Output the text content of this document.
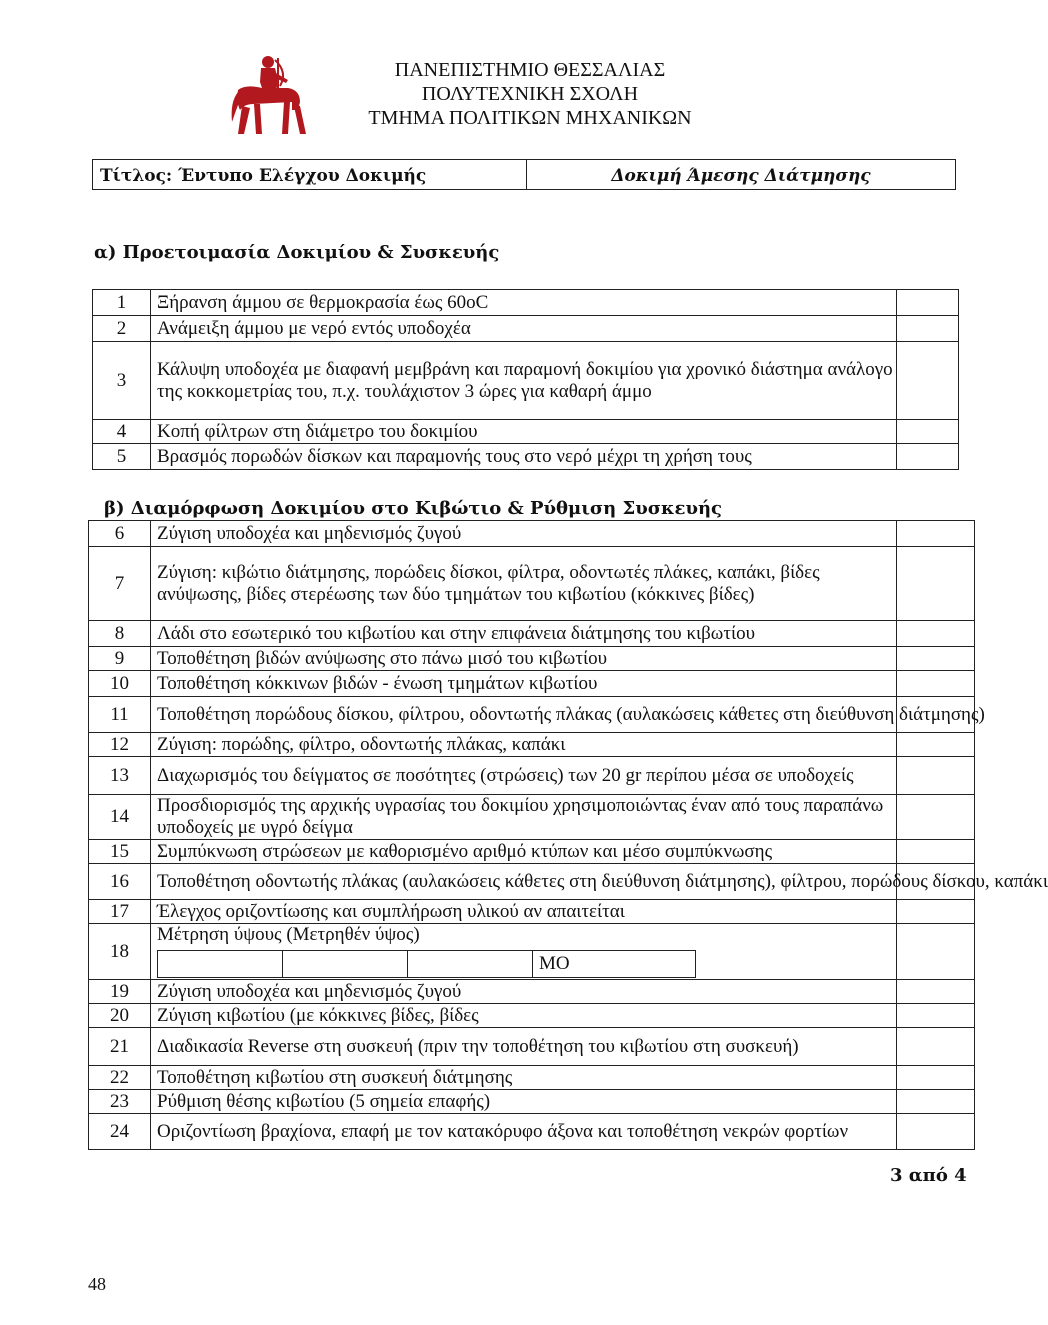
ΠΑΝΕΠΙΣΤΗΜΙΟ ΘΕΣΣΑΛΙΑΣ
ΠΟΛΥΤΕΧΝΙΚΗ ΣΧΟΛΗ
ΤΜΗΜΑ ΠΟΛΙΤΙΚΩΝ ΜΗΧΑΝΙΚΩΝ
Τίτλος: Έντυπο Ελέγχου Δοκιμής	Δοκιμή Άμεσης Διάτμησης
α) Προετοιμασία Δοκιμίου & Συσκευής
1	Ξήρανση άμμου σε θερμοκρασία έως 60oC	

2	Ανάμειξη άμμου με νερό εντός υποδοχέα	

3	Κάλυψη υποδοχέα με διαφανή μεμβράνη και παραμονή δοκιμίου για χρονικό διάστημα ανάλογο της κοκκομετρίας του, π.χ. τουλάχιστον 3 ώρες για καθαρή άμμο	

4	Κοπή φίλτρων στη διάμετρο του δοκιμίου	

5	Βρασμός πορωδών δίσκων και παραμονής τους στο νερό μέχρι τη χρήση τους	

β) Διαμόρφωση Δοκιμίου στο Κιβώτιο & Ρύθμιση Συσκευής
6	Ζύγιση υποδοχέα και μηδενισμός ζυγού

7	
Ζύγιση: κιβώτιο διάτμησης, πορώδεις δίσκοι, φίλτρα, οδοντωτές πλάκες, καπάκι, βίδες ανύψωσης, βίδες στερέωσης των δύο τμημάτων του κιβωτίου (κόκκινες βίδες)

8	Λάδι στο εσωτερικό του κιβωτίου και στην επιφάνεια διάτμησης του κιβωτίου

9	Τοποθέτηση βιδών ανύψωσης στο πάνω μισό του κιβωτίου

10	Τοποθέτηση κόκκινων βιδών - ένωση τμημάτων κιβωτίου

11	Τοποθέτηση πορώδους δίσκου, φίλτρου, οδοντωτής πλάκας (αυλακώσεις κάθετες στη διεύθυνση διάτμησης)

12	Ζύγιση: πορώδης, φίλτρο, οδοντωτής πλάκας, καπάκι

13	Διαχωρισμός του δείγματος σε ποσότητες (στρώσεις) των 20 gr περίπου μέσα σε υποδοχείς

14	
Προσδιορισμός της αρχικής υγρασίας του δοκιμίου χρησιμοποιώντας έναν από τους παραπάνω υποδοχείς με υγρό δείγμα

15	Συμπύκνωση στρώσεων με καθορισμένο αριθμό κτύπων και μέσο συμπύκνωσης

16	Τοποθέτηση οδοντωτής πλάκας (αυλακώσεις κάθετες στη διεύθυνση διάτμησης), φίλτρου, πορώδους δίσκου, καπάκι

17	Έλεγχος οριζοντίωσης και συμπλήρωση υλικού αν απαιτείται

18	
Μέτρηση ύψους (Μετρηθέν ύψος)
			ΜΟ

19	Ζύγιση υποδοχέα και μηδενισμός ζυγού

20	Ζύγιση κιβωτίου (με κόκκινες βίδες, βίδες

21	Διαδικασία Reverse στη συσκευή (πριν την τοποθέτηση του κιβωτίου στη συσκευή)

22	Τοποθέτηση κιβωτίου στη συσκευή διάτμησης

23	Ρύθμιση θέσης κιβωτίου (5 σημεία επαφής)

24	Οριζοντίωση βραχίονα, επαφή με τον κατακόρυφο άξονα και τοποθέτηση νεκρών φορτίων

3 από 4
48
